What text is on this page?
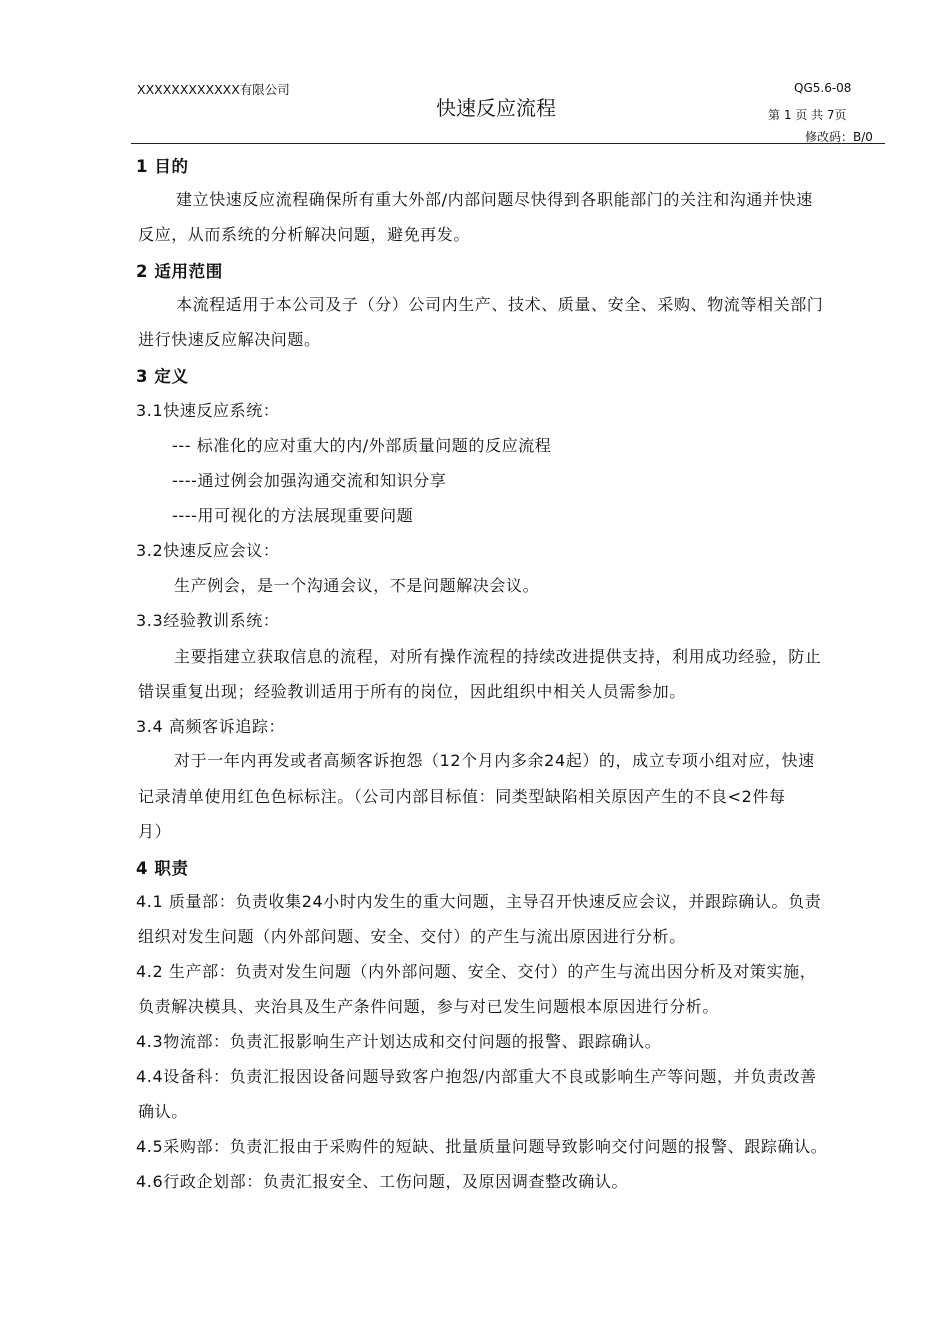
XXXXXXXXXXXX有限公司
快速反应流程
QG5.6-08
第 1 页 共 7页
修改码：B/0
1 目的
建立快速反应流程确保所有重大外部/内部问题尽快得到各职能部门的关注和沟通并快速
反应，从而系统的分析解决问题，避免再发。
2 适用范围
本流程适用于本公司及子（分）公司内生产、技术、质量、安全、采购、物流等相关部门
进行快速反应解决问题。
3 定义
3.1快速反应系统：
--- 标准化的应对重大的内/外部质量问题的反应流程
----通过例会加强沟通交流和知识分享
----用可视化的方法展现重要问题
3.2快速反应会议：
生产例会，是一个沟通会议，不是问题解决会议。
3.3经验教训系统：
主要指建立获取信息的流程，对所有操作流程的持续改进提供支持，利用成功经验，防止
错误重复出现；经验教训适用于所有的岗位，因此组织中相关人员需参加。
3.4 高频客诉追踪：
对于一年内再发或者高频客诉抱怨（12个月内多余24起）的，成立专项小组对应，快速
记录清单使用红色色标标注。（公司内部目标值：同类型缺陷相关原因产生的不良<2件每
月）
4 职责
4.1 质量部：负责收集24小时内发生的重大问题，主导召开快速反应会议，并跟踪确认。负责
组织对发生问题（内外部问题、安全、交付）的产生与流出原因进行分析。
4.2 生产部：负责对发生问题（内外部问题、安全、交付）的产生与流出因分析及对策实施，
负责解决模具、夹治具及生产条件问题，参与对已发生问题根本原因进行分析。
4.3物流部：负责汇报影响生产计划达成和交付问题的报警、跟踪确认。
4.4设备科：负责汇报因设备问题导致客户抱怨/内部重大不良或影响生产等问题，并负责改善
确认。
4.5采购部：负责汇报由于采购件的短缺、批量质量问题导致影响交付问题的报警、跟踪确认。
4.6行政企划部：负责汇报安全、工伤问题，及原因调查整改确认。
